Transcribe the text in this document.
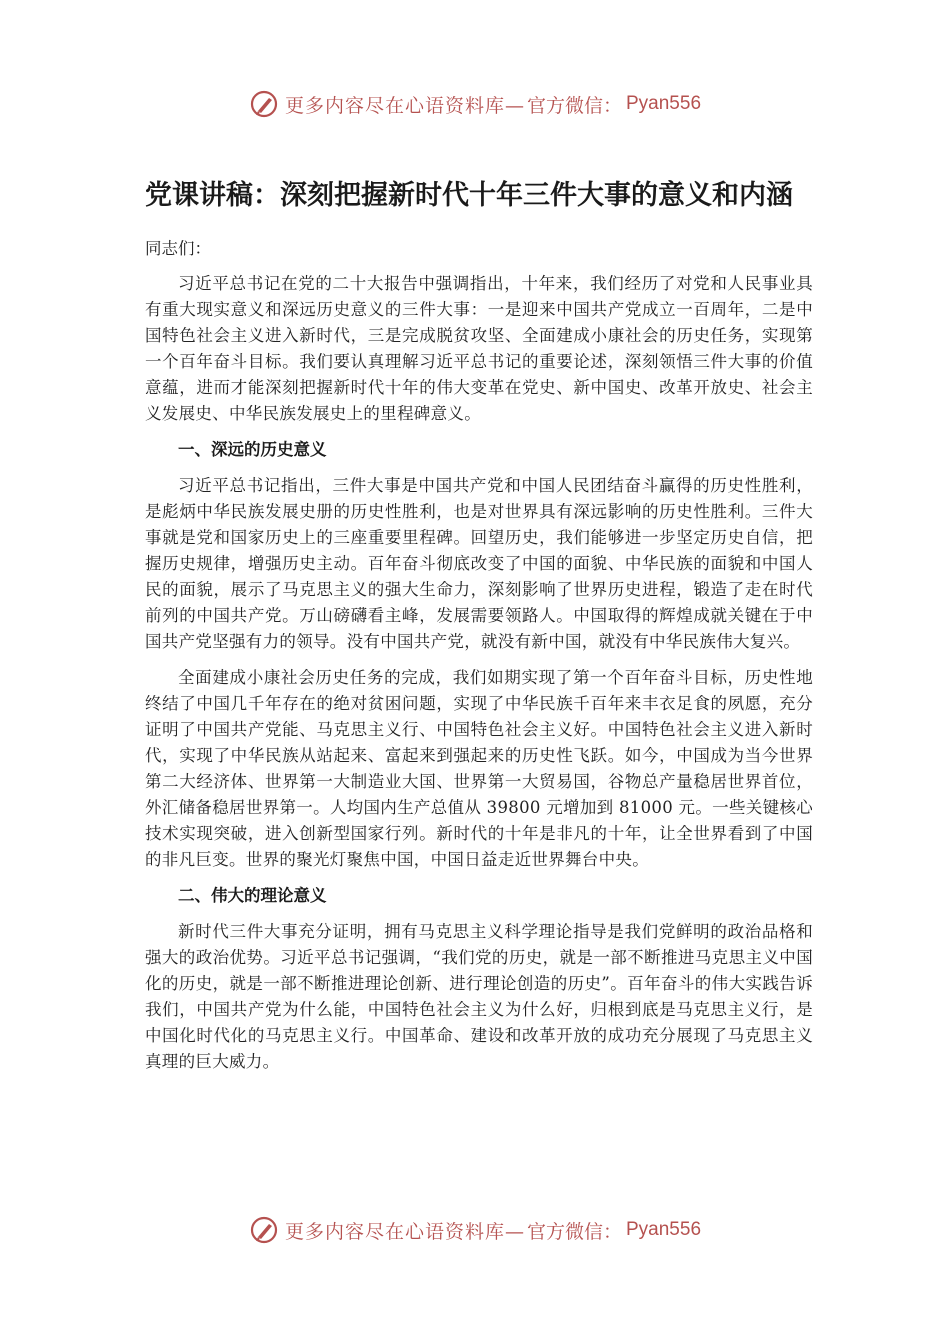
更多内容尽在心语资料库— 官方微信： Pyan556
党课讲稿：深刻把握新时代十年三件大事的意义和内涵

同志们：

习近平总书记在党的二十大报告中强调指出，十年来，我们经历了对党和人民事业具有重大现实意义和深远历史意义的三件大事：一是迎来中国共产党成立一百周年，二是中国特色社会主义进入新时代，三是完成脱贫攻坚、全面建成小康社会的历史任务，实现第一个百年奋斗目标。我们要认真理解习近平总书记的重要论述，深刻领悟三件大事的价值意蕴，进而才能深刻把握新时代十年的伟大变革在党史、新中国史、改革开放史、社会主义发展史、中华民族发展史上的里程碑意义。

一、深远的历史意义

习近平总书记指出，三件大事是中国共产党和中国人民团结奋斗赢得的历史性胜利，是彪炳中华民族发展史册的历史性胜利，也是对世界具有深远影响的历史性胜利。三件大事就是党和国家历史上的三座重要里程碑。回望历史，我们能够进一步坚定历史自信，把握历史规律，增强历史主动。百年奋斗彻底改变了中国的面貌、中华民族的面貌和中国人民的面貌，展示了马克思主义的强大生命力，深刻影响了世界历史进程，锻造了走在时代前列的中国共产党。万山磅礴看主峰，发展需要领路人。中国取得的辉煌成就关键在于中国共产党坚强有力的领导。没有中国共产党，就没有新中国，就没有中华民族伟大复兴。

全面建成小康社会历史任务的完成，我们如期实现了第一个百年奋斗目标，历史性地终结了中国几千年存在的绝对贫困问题，实现了中华民族千百年来丰衣足食的夙愿，充分证明了中国共产党能、马克思主义行、中国特色社会主义好。中国特色社会主义进入新时代，实现了中华民族从站起来、富起来到强起来的历史性飞跃。如今，中国成为当今世界第二大经济体、世界第一大制造业大国、世界第一大贸易国，谷物总产量稳居世界首位，外汇储备稳居世界第一。人均国内生产总值从 39800 元增加到 81000 元。一些关键核心技术实现突破，进入创新型国家行列。新时代的十年是非凡的十年，让全世界看到了中国的非凡巨变。世界的聚光灯聚焦中国，中国日益走近世界舞台中央。

二、伟大的理论意义

新时代三件大事充分证明，拥有马克思主义科学理论指导是我们党鲜明的政治品格和强大的政治优势。习近平总书记强调，“我们党的历史，就是一部不断推进马克思主义中国化的历史，就是一部不断推进理论创新、进行理论创造的历史”。百年奋斗的伟大实践告诉我们，中国共产党为什么能，中国特色社会主义为什么好，归根到底是马克思主义行，是中国化时代化的马克思主义行。中国革命、建设和改革开放的成功充分展现了马克思主义真理的巨大威力。

更多内容尽在心语资料库— 官方微信： Pyan556
